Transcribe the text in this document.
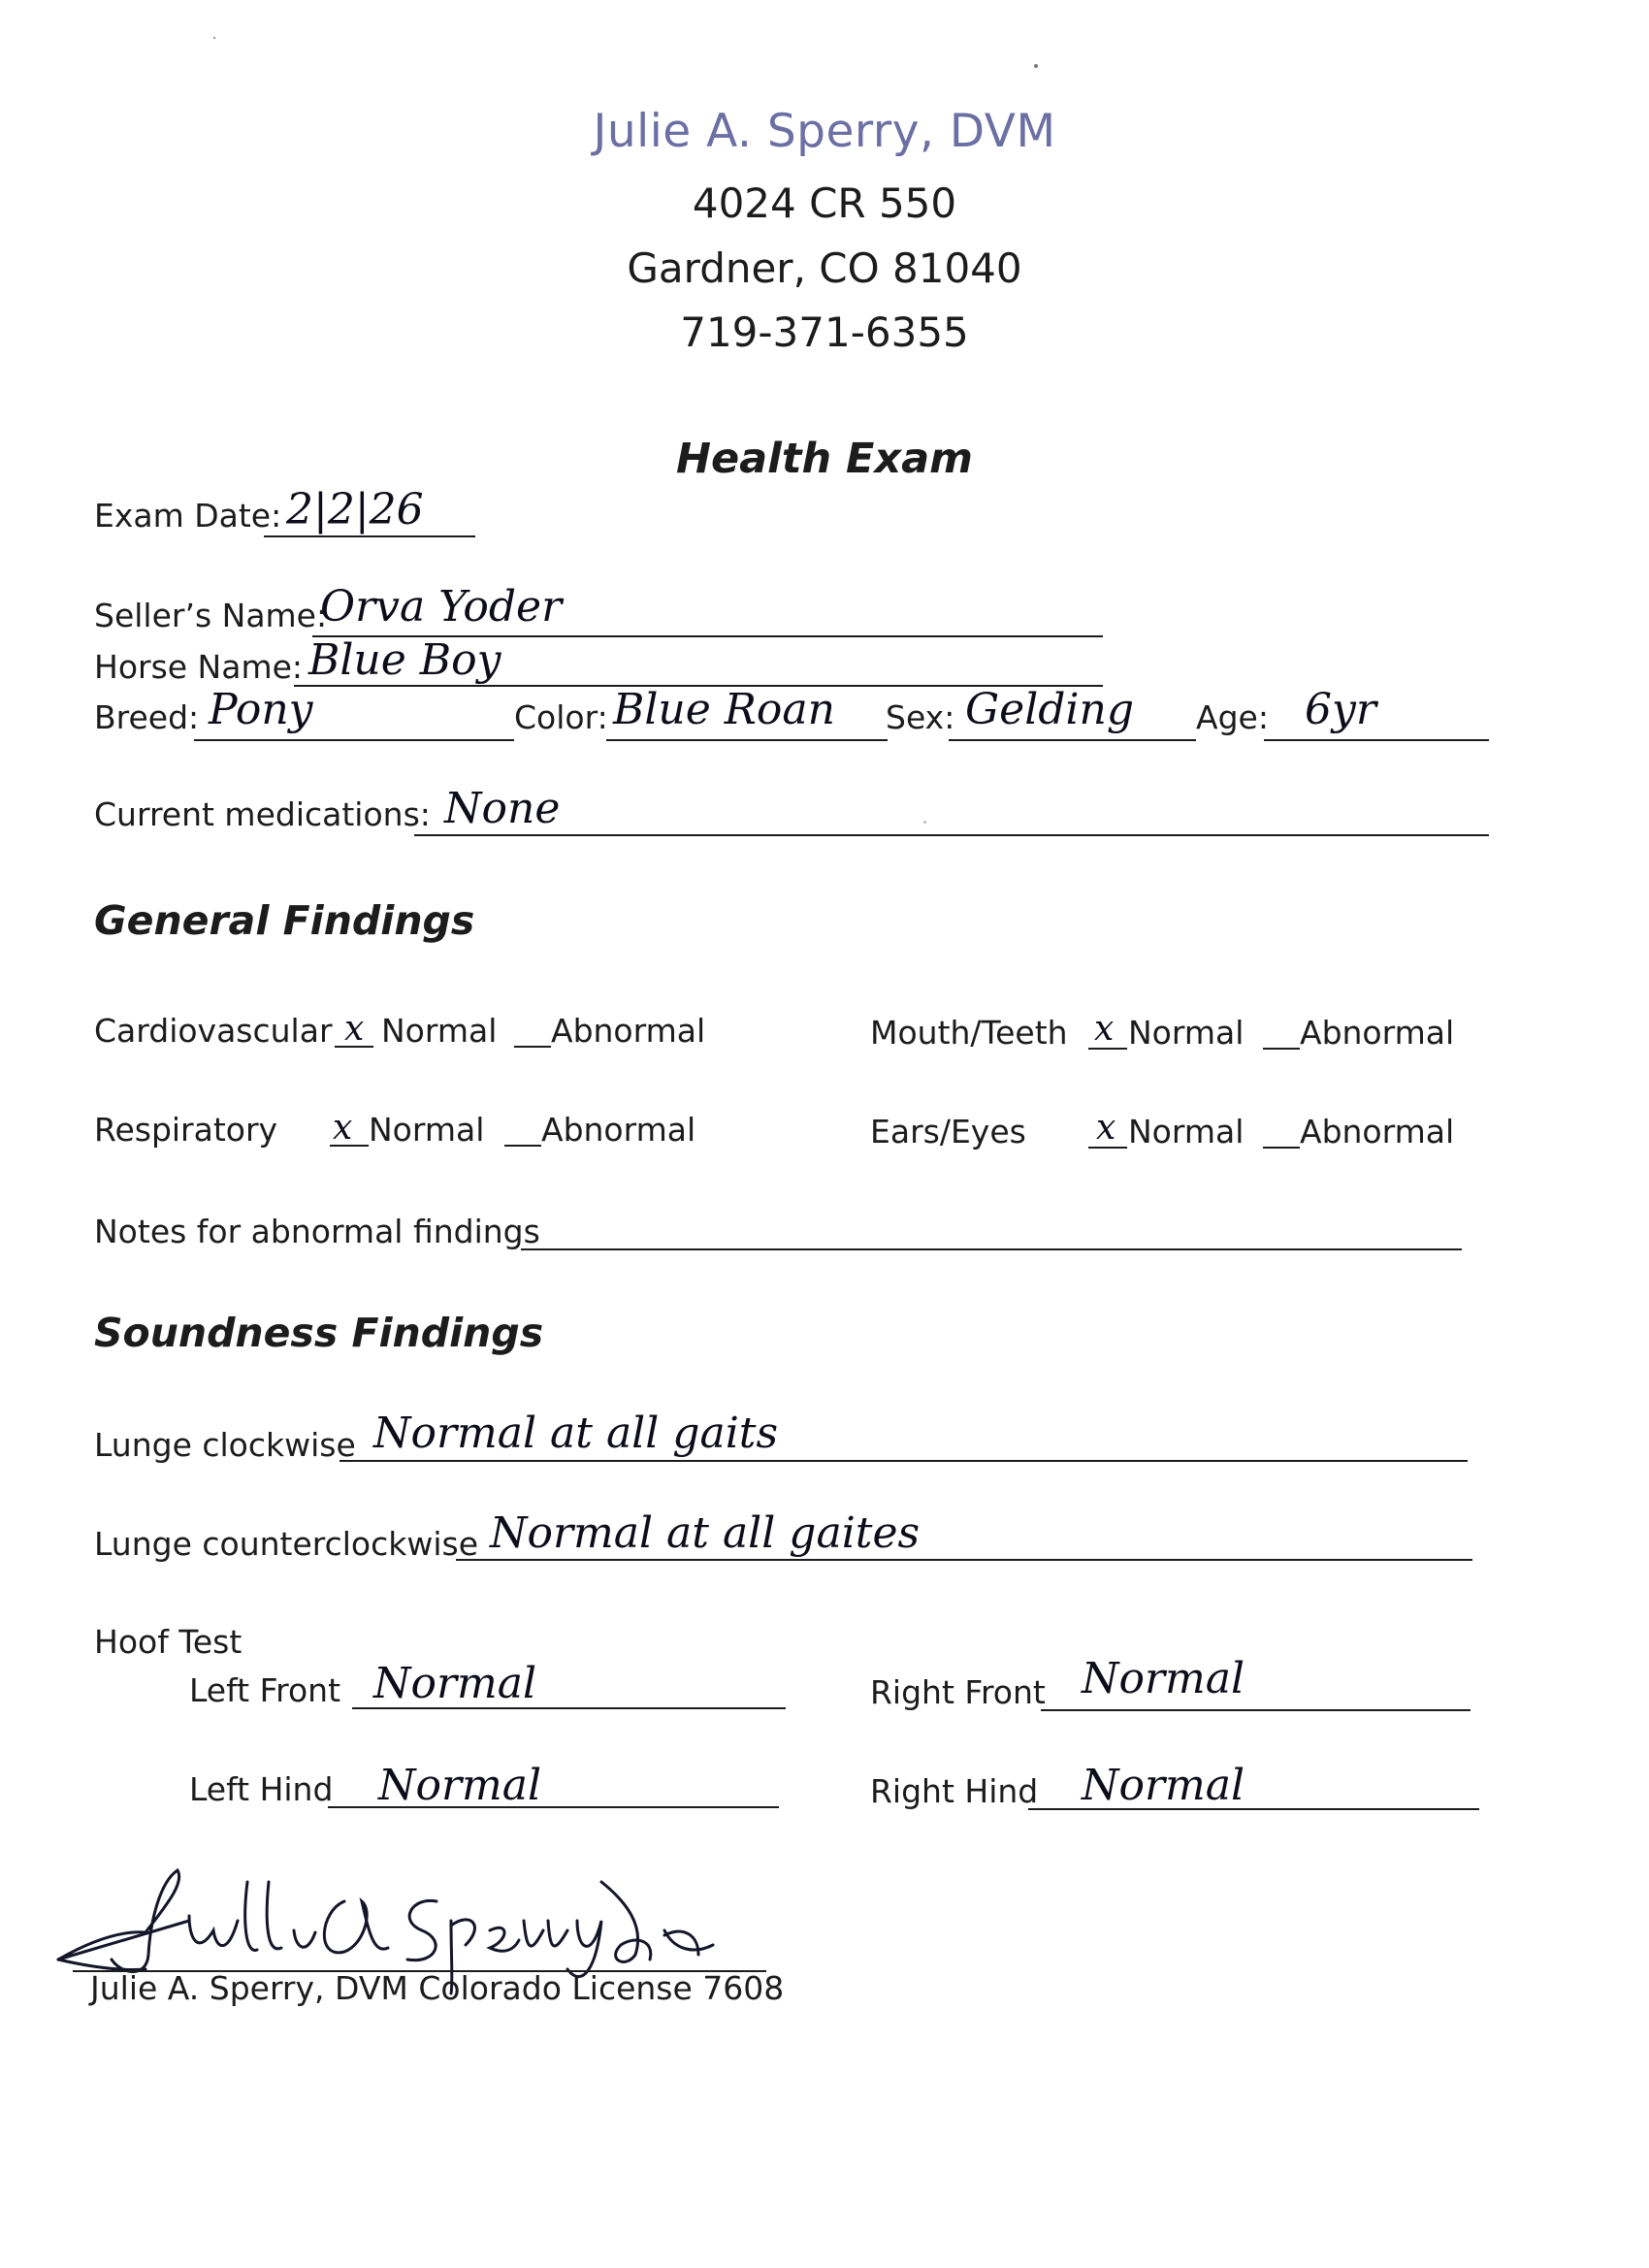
Julie A. Sperry, DVM
4024 CR 550
Gardner, CO 81040
719-371-6355
Health Exam
Exam Date: 2|2|26
Seller’s Name:
Orva Yoder
Horse Name: Blue Boy
Breed: Pony	Color: Blue Roan Sex: Gelding Age: 6yr
Current medications: None
General Findings
Cardiovascular x Normal Abnormal	Mouth/Teeth x Normal Abnormal
Respiratory x Normal Abnormal	Ears/Eyes x Normal Abnormal
Notes for abnormal findings
Soundness Findings
Lunge clockwise Normal at all gaits
Lunge counterclockwise Normal at all gaites
Hoof Test
Left Front Normal	Right Front Normal
Left Hind Normal	Right Hind Normal
Julie A. Sperry, DVM Colorado License 7608
